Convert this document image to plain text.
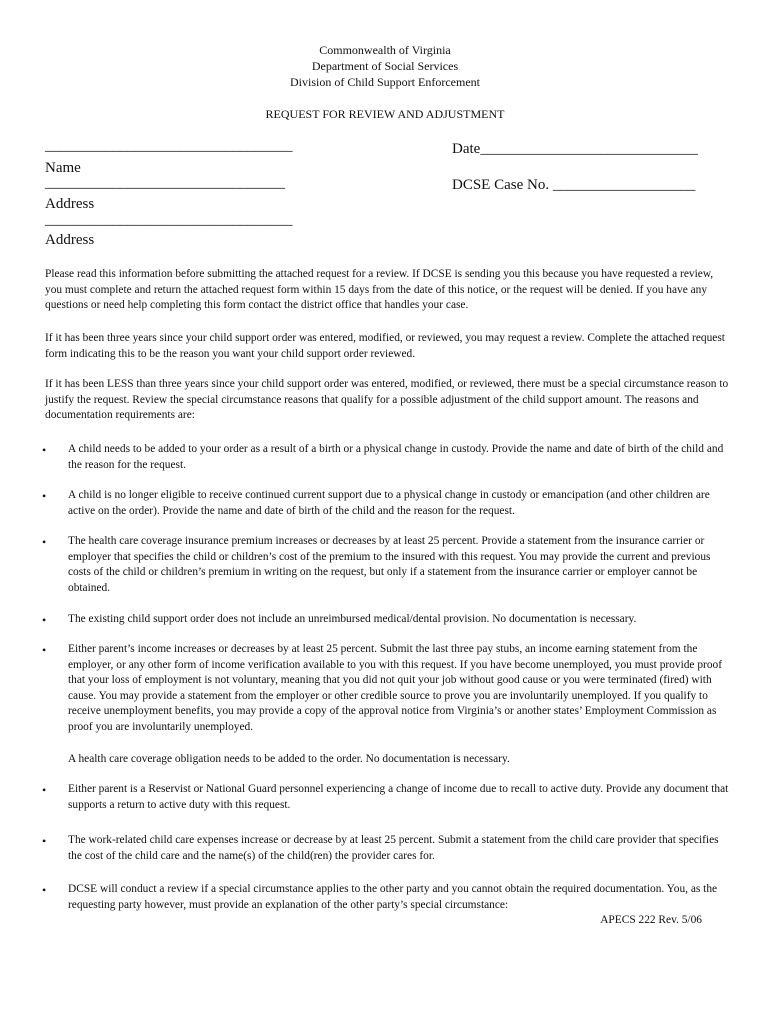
Commonwealth of Virginia
Department of Social Services
Division of Child Support Enforcement
REQUEST FOR REVIEW AND ADJUSTMENT
_________________________________
Name
________________________________
Address
_________________________________
Address
Date_____________________________
DCSE Case No. ___________________
Please read this information before submitting the attached request for a review. If DCSE is sending you this because you have requested a review, you must complete and return the attached request form within 15 days from the date of this notice, or the request will be denied. If you have any questions or need help completing this form contact the district office that handles your case.
If it has been three years since your child support order was entered, modified, or reviewed, you may request a review. Complete the attached request form indicating this to be the reason you want your child support order reviewed.
If it has been LESS than three years since your child support order was entered, modified, or reviewed, there must be a special circumstance reason to justify the request. Review the special circumstance reasons that qualify for a possible adjustment of the child support amount. The reasons and documentation requirements are:
• A child needs to be added to your order as a result of a birth or a physical change in custody. Provide the name and date of birth of the child and the reason for the request.
• A child is no longer eligible to receive continued current support due to a physical change in custody or emancipation (and other children are active on the order). Provide the name and date of birth of the child and the reason for the request.
• The health care coverage insurance premium increases or decreases by at least 25 percent. Provide a statement from the insurance carrier or employer that specifies the child or children’s cost of the premium to the insured with this request. You may provide the current and previous costs of the child or children’s premium in writing on the request, but only if a statement from the insurance carrier or employer cannot be obtained.
• The existing child support order does not include an unreimbursed medical/dental provision. No documentation is necessary.
• Either parent’s income increases or decreases by at least 25 percent. Submit the last three pay stubs, an income earning statement from the employer, or any other form of income verification available to you with this request. If you have become unemployed, you must provide proof that your loss of employment is not voluntary, meaning that you did not quit your job without good cause or you were terminated (fired) with cause. You may provide a statement from the employer or other credible source to prove you are involuntarily unemployed. If you qualify to receive unemployment benefits, you may provide a copy of the approval notice from Virginia’s or another states’ Employment Commission as proof you are involuntarily unemployed.
A health care coverage obligation needs to be added to the order. No documentation is necessary.
• Either parent is a Reservist or National Guard personnel experiencing a change of income due to recall to active duty. Provide any document that supports a return to active duty with this request.
• The work-related child care expenses increase or decrease by at least 25 percent. Submit a statement from the child care provider that specifies the cost of the child care and the name(s) of the child(ren) the provider cares for.
• DCSE will conduct a review if a special circumstance applies to the other party and you cannot obtain the required documentation. You, as the requesting party however, must provide an explanation of the other party’s special circumstance:
APECS 222 Rev. 5/06
